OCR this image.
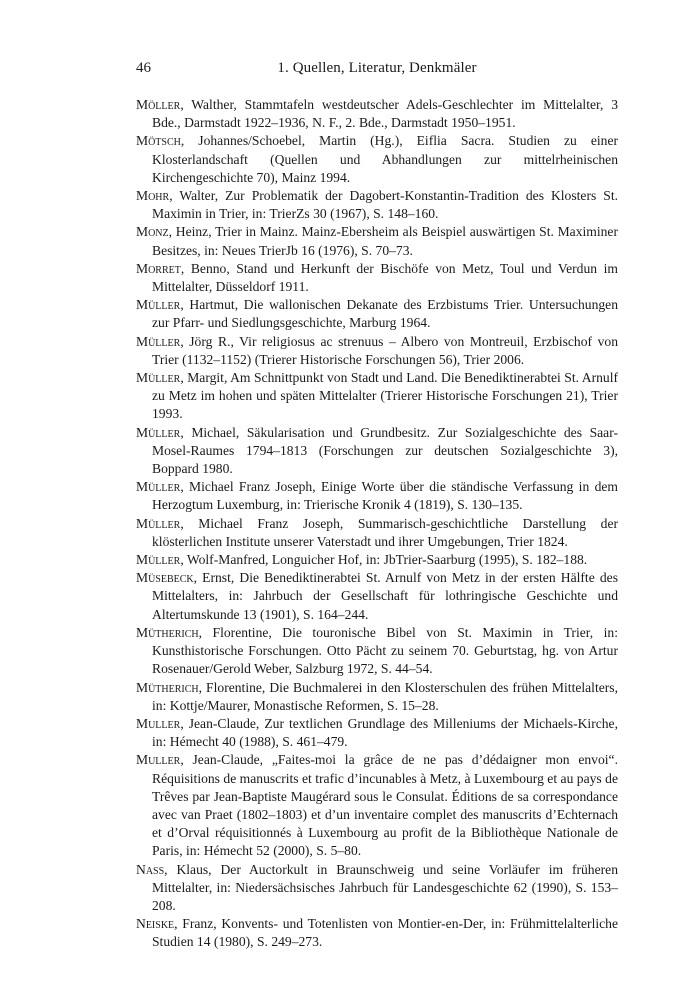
46	1. Quellen, Literatur, Denkmäler

Möller, Walther, Stammtafeln westdeutscher Adels-Geschlechter im Mittelalter, 3 Bde., Darmstadt 1922–1936, N. F., 2. Bde., Darmstadt 1950–1951.

Mötsch, Johannes/Schoebel, Martin (Hg.), Eiflia Sacra. Studien zu einer Klosterlandschaft (Quellen und Abhandlungen zur mittelrheinischen Kirchengeschichte 70), Mainz 1994.

Mohr, Walter, Zur Problematik der Dagobert-Konstantin-Tradition des Klosters St. Maximin in Trier, in: TrierZs 30 (1967), S. 148–160.

Monz, Heinz, Trier in Mainz. Mainz-Ebersheim als Beispiel auswärtigen St. Maximiner Besitzes, in: Neues TrierJb 16 (1976), S. 70–73.

Morret, Benno, Stand und Herkunft der Bischöfe von Metz, Toul und Verdun im Mittelalter, Düsseldorf 1911.

Müller, Hartmut, Die wallonischen Dekanate des Erzbistums Trier. Untersuchungen zur Pfarr- und Siedlungsgeschichte, Marburg 1964.

Müller, Jörg R., Vir religiosus ac strenuus – Albero von Montreuil, Erzbischof von Trier (1132–1152) (Trierer Historische Forschungen 56), Trier 2006.

Müller, Margit, Am Schnittpunkt von Stadt und Land. Die Benediktinerabtei St. Arnulf zu Metz im hohen und späten Mittelalter (Trierer Historische Forschungen 21), Trier 1993.

Müller, Michael, Säkularisation und Grundbesitz. Zur Sozialgeschichte des Saar-Mosel-Raumes 1794–1813 (Forschungen zur deutschen Sozialgeschichte 3), Boppard 1980.

Müller, Michael Franz Joseph, Einige Worte über die ständische Verfassung in dem Herzogtum Luxemburg, in: Trierische Kronik 4 (1819), S. 130–135.

Müller, Michael Franz Joseph, Summarisch-geschichtliche Darstellung der klösterlichen Institute unserer Vaterstadt und ihrer Umgebungen, Trier 1824.

Müller, Wolf-Manfred, Longuicher Hof, in: JbTrier-Saarburg (1995), S. 182–188.

Müsebeck, Ernst, Die Benediktinerabtei St. Arnulf von Metz in der ersten Hälfte des Mittelalters, in: Jahrbuch der Gesellschaft für lothringische Geschichte und Altertumskunde 13 (1901), S. 164–244.

Mütherich, Florentine, Die touronische Bibel von St. Maximin in Trier, in: Kunsthistorische Forschungen. Otto Pächt zu seinem 70. Geburtstag, hg. von Artur Rosenauer/Gerold Weber, Salzburg 1972, S. 44–54.

Mütherich, Florentine, Die Buchmalerei in den Klosterschulen des frühen Mittelalters, in: Kottje/Maurer, Monastische Reformen, S. 15–28.

Muller, Jean-Claude, Zur textlichen Grundlage des Milleniums der Michaels-Kirche, in: Hémecht 40 (1988), S. 461–479.

Muller, Jean-Claude, „Faites-moi la grâce de ne pas d’dédaigner mon envoi“. Réquisitions de manuscrits et trafic d’incunables à Metz, à Luxembourg et au pays de Trêves par Jean-Baptiste Maugérard sous le Consulat. Éditions de sa correspondance avec van Praet (1802–1803) et d’un inventaire complet des manuscrits d’Echternach et d’Orval réquisitionnés à Luxembourg au profit de la Bibliothèque Nationale de Paris, in: Hémecht 52 (2000), S. 5–80.

Nass, Klaus, Der Auctorkult in Braunschweig und seine Vorläufer im früheren Mittelalter, in: Niedersächsisches Jahrbuch für Landesgeschichte 62 (1990), S. 153–208.

Neiske, Franz, Konvents- und Totenlisten von Montier-en-Der, in: Frühmittelalterliche Studien 14 (1980), S. 249–273.
